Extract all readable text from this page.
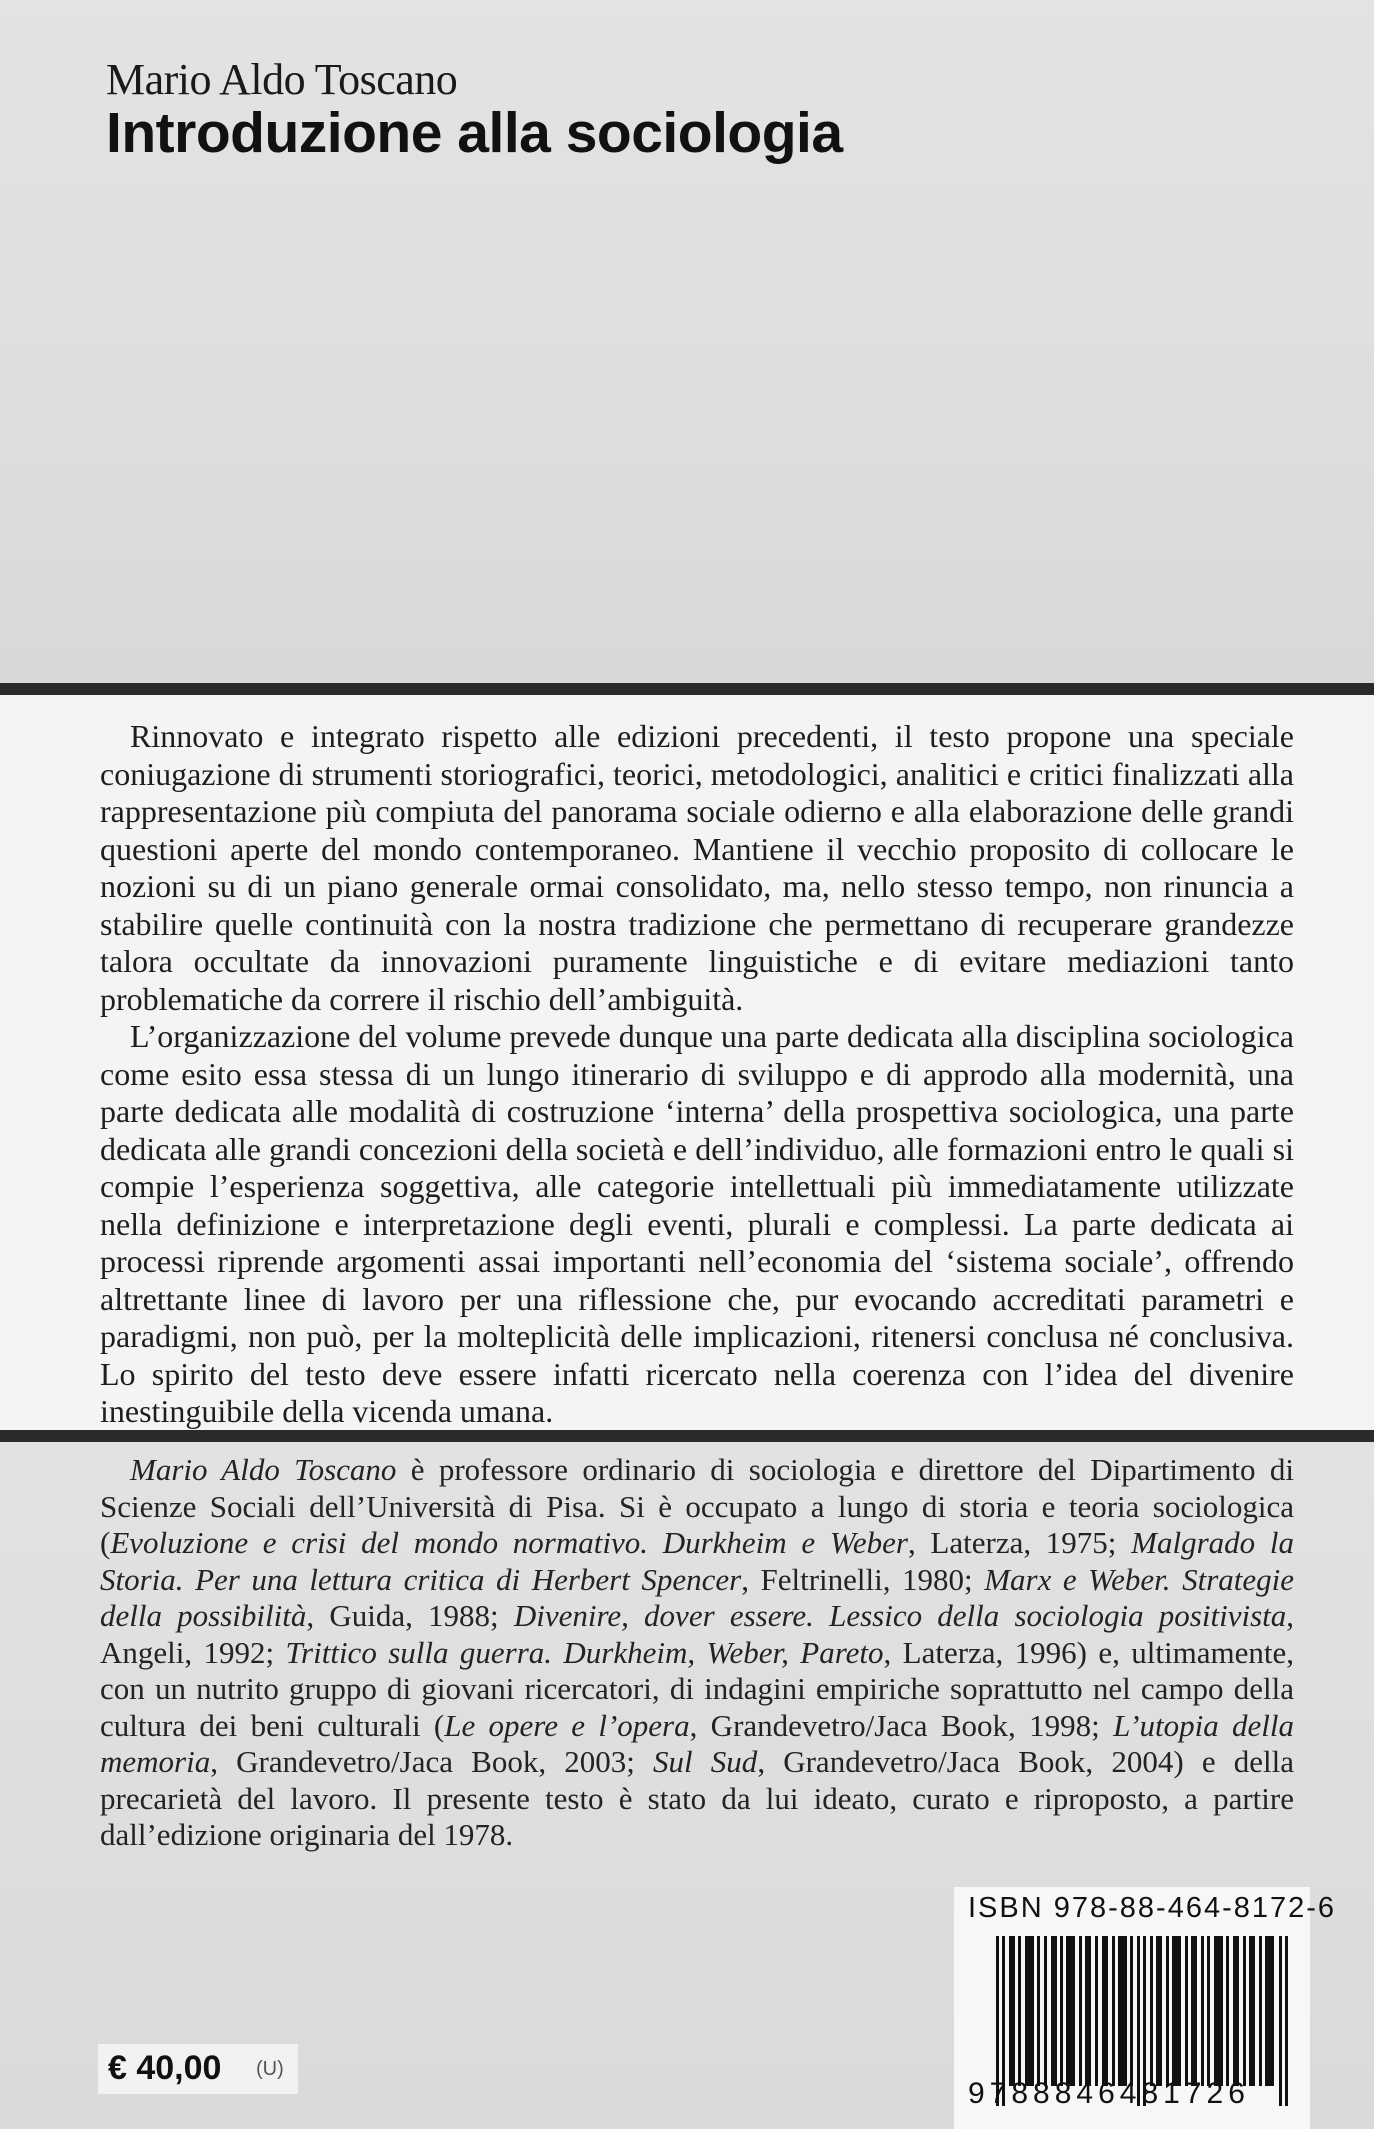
Mario Aldo Toscano
Introduzione alla sociologia

Rinnovato e integrato rispetto alle edizioni precedenti, il testo propone una speciale coniugazione di strumenti storiografici, teorici, metodologici, analitici e critici finalizzati alla rappresentazione più compiuta del panorama sociale odierno e alla elaborazione delle grandi questioni aperte del mondo contemporaneo. Mantiene il vecchio proposito di collocare le nozioni su di un piano generale ormai consolidato, ma, nello stesso tempo, non rinuncia a stabilire quelle continuità con la nostra tradizione che permettano di recuperare grandezze talora occultate da innovazioni puramente linguistiche e di evitare mediazioni tanto problematiche da correre il rischio dell’ambiguità.

L’organizzazione del volume prevede dunque una parte dedicata alla disciplina sociologica come esito essa stessa di un lungo itinerario di sviluppo e di approdo alla modernità, una parte dedicata alle modalità di costruzione ‘interna’ della prospettiva sociologica, una parte dedicata alle grandi concezioni della società e dell’individuo, alle formazioni entro le quali si compie l’esperienza soggettiva, alle categorie intellettuali più immediatamente utilizzate nella definizione e interpretazione degli eventi, plurali e complessi. La parte dedicata ai processi riprende argomenti assai importanti nell’economia del ‘sistema sociale’, offrendo altrettante linee di lavoro per una riflessione che, pur evocando accreditati parametri e paradigmi, non può, per la molteplicità delle implicazioni, ritenersi conclusa né conclusiva. Lo spirito del testo deve essere infatti ricercato nella coerenza con l’idea del divenire inestinguibile della vicenda umana.

Mario Aldo Toscano è professore ordinario di sociologia e direttore del Dipartimento di Scienze Sociali dell’Università di Pisa. Si è occupato a lungo di storia e teoria sociologica (Evoluzione e crisi del mondo normativo. Durkheim e Weber, Laterza, 1975; Malgrado la Storia. Per una lettura critica di Herbert Spencer, Feltrinelli, 1980; Marx e Weber. Strategie della possibilità, Guida, 1988; Divenire, dover essere. Lessico della sociologia positivista, Angeli, 1992; Trittico sulla guerra. Durkheim, Weber, Pareto, Laterza, 1996) e, ultimamente, con un nutrito gruppo di giovani ricercatori, di indagini empiriche soprattutto nel campo della cultura dei beni culturali (Le opere e l’opera, Grandevetro/Jaca Book, 1998; L’utopia della memoria, Grandevetro/Jaca Book, 2003; Sul Sud, Grandevetro/Jaca Book, 2004) e della precarietà del lavoro. Il presente testo è stato da lui ideato, curato e riproposto, a partire dall’edizione originaria del 1978.

€ 40,00 (U)
ISBN 978-88-464-8172-6
9788846481726
